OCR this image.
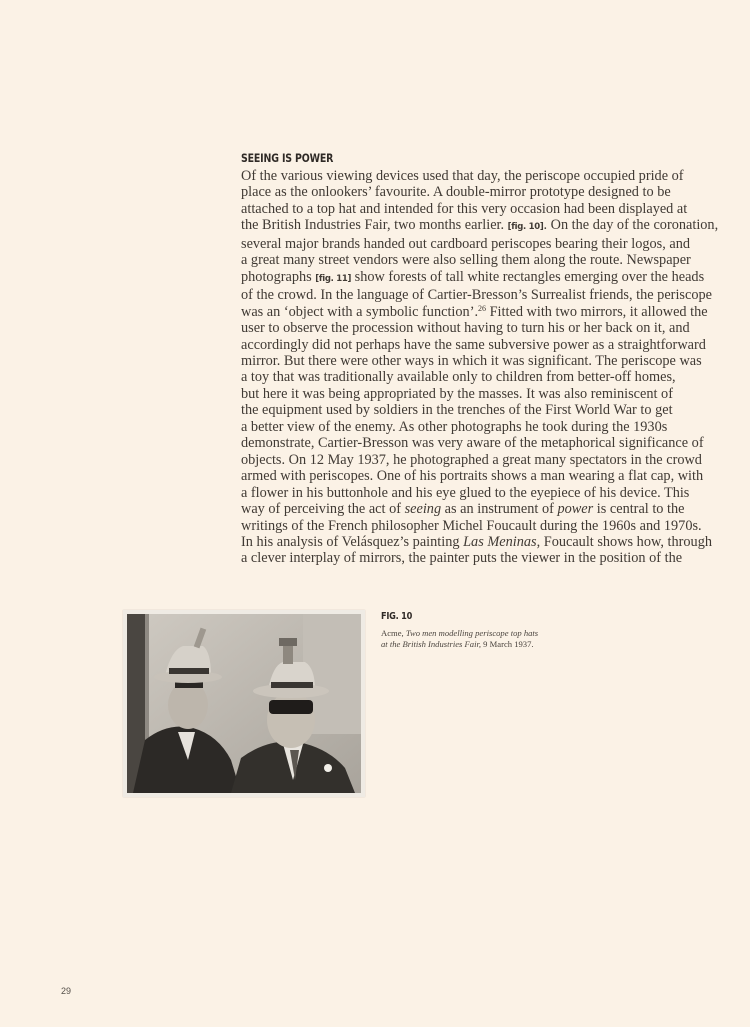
SEEING IS POWER

Of the various viewing devices used that day, the periscope occupied pride of
place as the onlookers’ favourite. A double-mirror prototype designed to be
attached to a top hat and intended for this very occasion had been displayed at
the British Industries Fair, two months earlier. [fig. 10]. On the day of the coronation,
several major brands handed out cardboard periscopes bearing their logos, and
a great many street vendors were also selling them along the route. Newspaper
photographs [fig. 11] show forests of tall white rectangles emerging over the heads
of the crowd. In the language of Cartier-Bresson’s Surrealist friends, the periscope
was an ‘object with a symbolic function’.$^{26}$ Fitted with two mirrors, it allowed the
user to observe the procession without having to turn his or her back on it, and
accordingly did not perhaps have the same subversive power as a straightforward
mirror. But there were other ways in which it was significant. The periscope was
a toy that was traditionally available only to children from better-off homes,
but here it was being appropriated by the masses. It was also reminiscent of
the equipment used by soldiers in the trenches of the First World War to get
a better view of the enemy. As other photographs he took during the 1930s
demonstrate, Cartier-Bresson was very aware of the metaphorical significance of
objects. On 12 May 1937, he photographed a great many spectators in the crowd
armed with periscopes. One of his portraits shows a man wearing a flat cap, with
a flower in his buttonhole and his eye glued to the eyepiece of his device. This
way of perceiving the act of seeing as an instrument of power is central to the
writings of the French philosopher Michel Foucault during the 1960s and 1970s.
In his analysis of Velásquez’s painting Las Meninas, Foucault shows how, through
a clever interplay of mirrors, the painter puts the viewer in the position of the

FIG. 10
Acme, Two men modelling periscope top hats
at the British Industries Fair, 9 March 1937.
29
